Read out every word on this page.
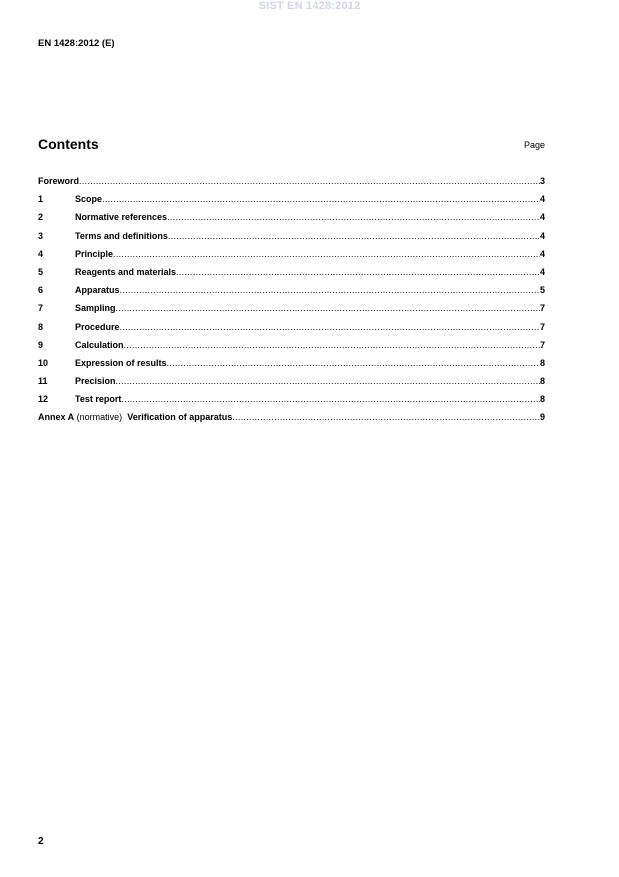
SIST EN 1428:2012
EN 1428:2012 (E)
Contents	Page
Foreword .....	3
1	Scope .....	4
2	Normative references .....	4
3	Terms and definitions .....	4
4	Principle .....	4
5	Reagents and materials .....	4
6	Apparatus .....	5
7	Sampling .....	7
8	Procedure .....	7
9	Calculation .....	7
10	Expression of results .....	8
11	Precision .....	8
12	Test report .....	8
Annex A (normative) Verification of apparatus .....	9
2
